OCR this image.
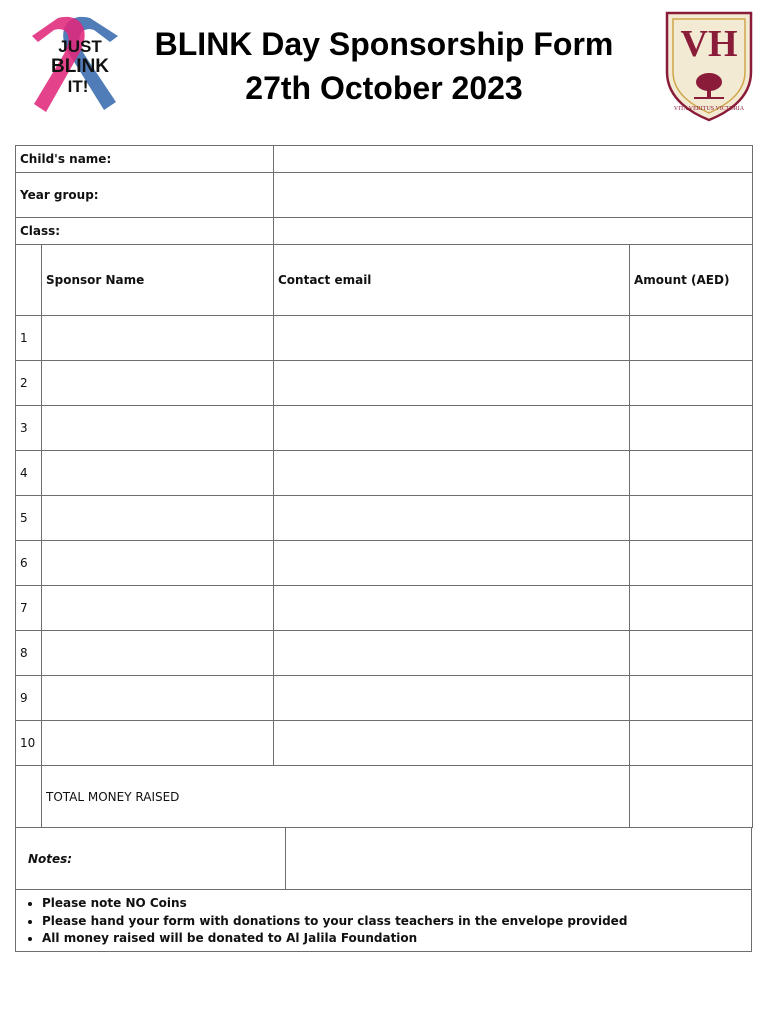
JUST
BLINK
IT!
BLINK Day Sponsorship Form
27th October 2023
VH
VITA VERITUS VICTORIA
Child's name:			
Year group:			
Class:			
	Sponsor Name	Contact email	Amount (AED)
1			
2			
3			
4			
5			
6			
7			
8			
9			
10			
	TOTAL MONEY RAISED		
Notes:	
• Please note NO Coins
• Please hand your form with donations to your class teachers in the envelope provided
• All money raised will be donated to Al Jalila Foundation
